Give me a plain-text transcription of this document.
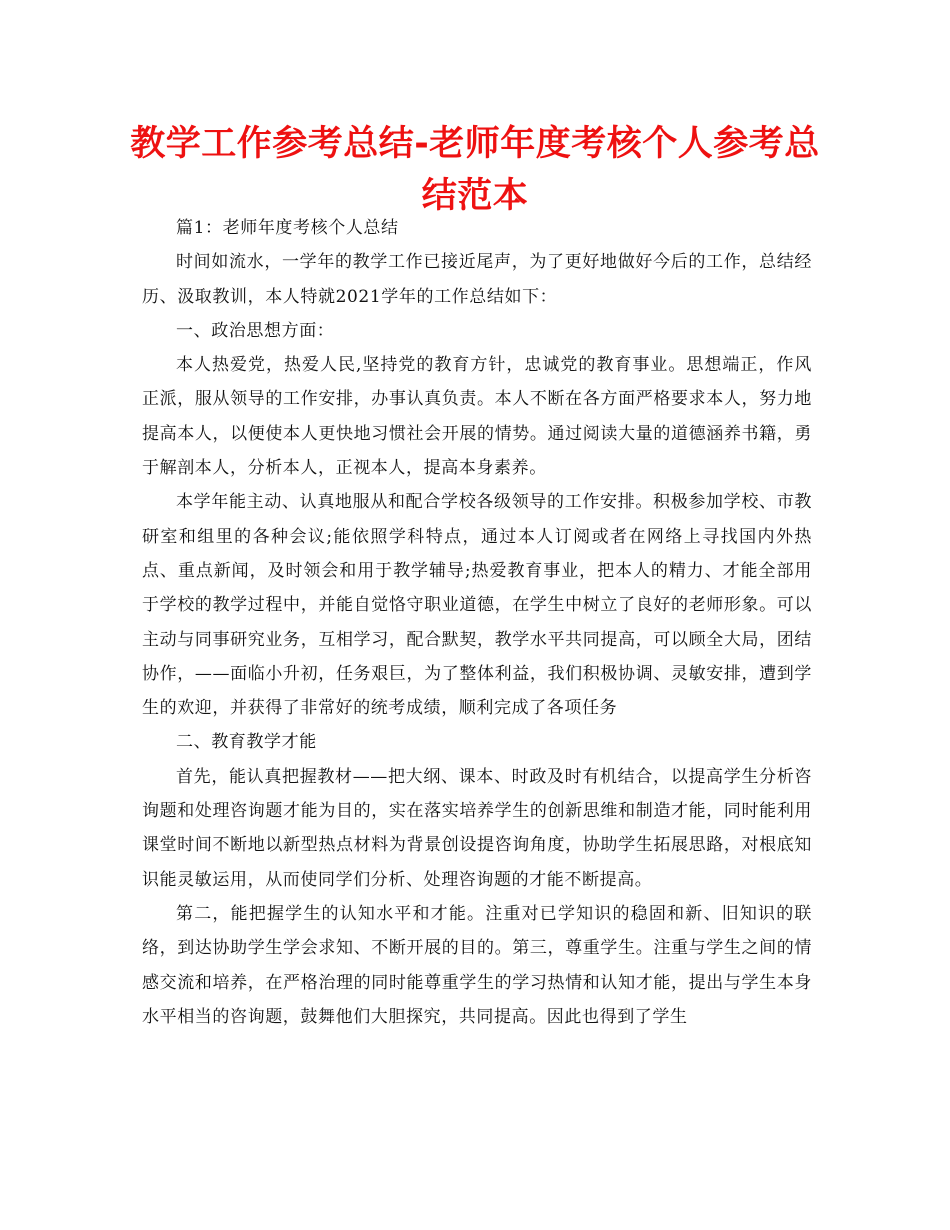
教学工作参考总结-老师年度考核个人参考总结范本

篇1：老师年度考核个人总结

时间如流水，一学年的教学工作已接近尾声，为了更好地做好今后的工作，总结经历、汲取教训，本人特就2021学年的工作总结如下：

一、政治思想方面：

本人热爱党，热爱人民,坚持党的教育方针，忠诚党的教育事业。思想端正，作风正派，服从领导的工作安排，办事认真负责。本人不断在各方面严格要求本人，努力地提高本人，以便使本人更快地习惯社会开展的情势。通过阅读大量的道德涵养书籍，勇于解剖本人，分析本人，正视本人，提高本身素养。

本学年能主动、认真地服从和配合学校各级领导的工作安排。积极参加学校、市教研室和组里的各种会议;能依照学科特点，通过本人订阅或者在网络上寻找国内外热点、重点新闻，及时领会和用于教学辅导;热爱教育事业，把本人的精力、才能全部用于学校的教学过程中，并能自觉恪守职业道德，在学生中树立了良好的老师形象。可以主动与同事研究业务，互相学习，配合默契，教学水平共同提高，可以顾全大局，团结协作，——面临小升初，任务艰巨，为了整体利益，我们积极协调、灵敏安排，遭到学生的欢迎，并获得了非常好的统考成绩，顺利完成了各项任务

二、教育教学才能

首先，能认真把握教材——把大纲、课本、时政及时有机结合，以提高学生分析咨询题和处理咨询题才能为目的，实在落实培养学生的创新思维和制造才能，同时能利用课堂时间不断地以新型热点材料为背景创设提咨询角度，协助学生拓展思路，对根底知识能灵敏运用，从而使同学们分析、处理咨询题的才能不断提高。

第二，能把握学生的认知水平和才能。注重对已学知识的稳固和新、旧知识的联络，到达协助学生学会求知、不断开展的目的。第三，尊重学生。注重与学生之间的情感交流和培养，在严格治理的同时能尊重学生的学习热情和认知才能，提出与学生本身水平相当的咨询题，鼓舞他们大胆探究，共同提高。因此也得到了学生
